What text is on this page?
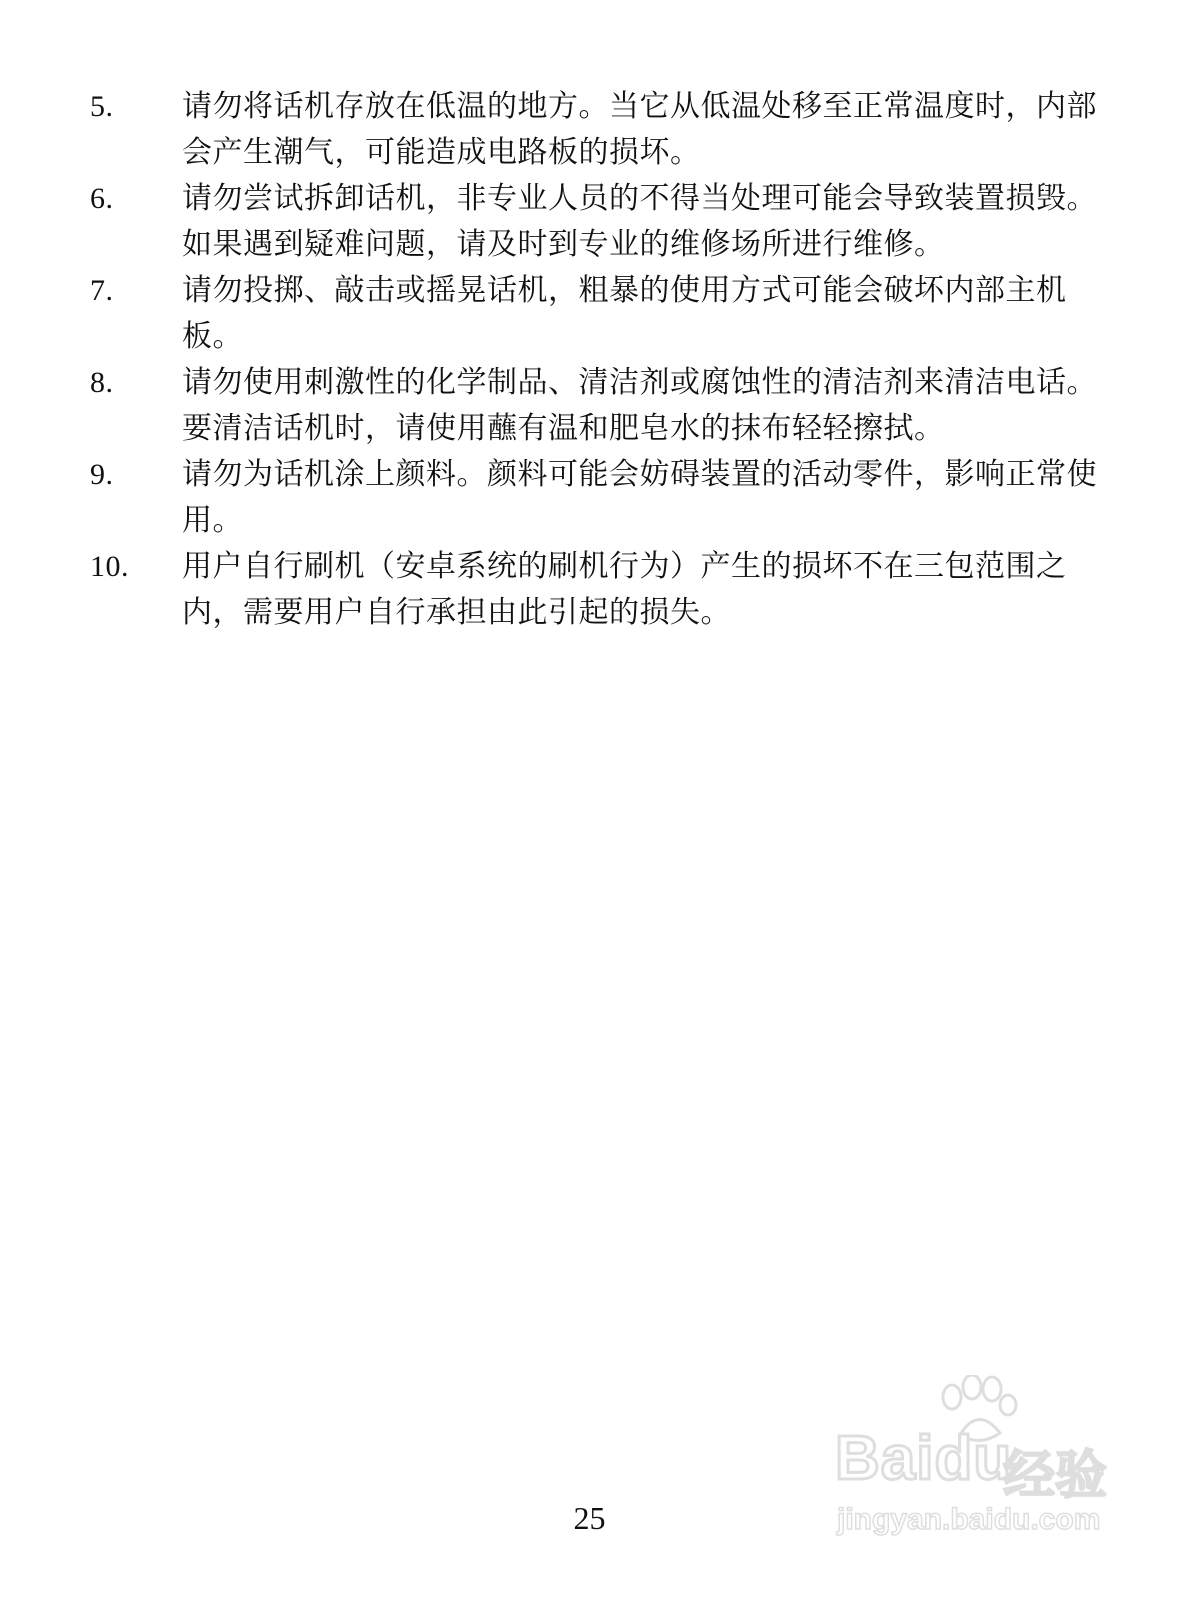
5.	请勿将话机存放在低温的地方。当它从低温处移至正常温度时，内部会产生潮气，可能造成电路板的损坏。
6.	请勿尝试拆卸话机，非专业人员的不得当处理可能会导致装置损毁。如果遇到疑难问题，请及时到专业的维修场所进行维修。
7.	请勿投掷、敲击或摇晃话机，粗暴的使用方式可能会破坏内部主机板。
8.	请勿使用刺激性的化学制品、清洁剂或腐蚀性的清洁剂来清洁电话。要清洁话机时，请使用蘸有温和肥皂水的抹布轻轻擦拭。
9.	请勿为话机涂上颜料。颜料可能会妨碍装置的活动零件，影响正常使用。
10.	用户自行刷机（安卓系统的刷机行为）产生的损坏不在三包范围之内，需要用户自行承担由此引起的损失。
Baidu
经验
jingyan.baidu.com
25
